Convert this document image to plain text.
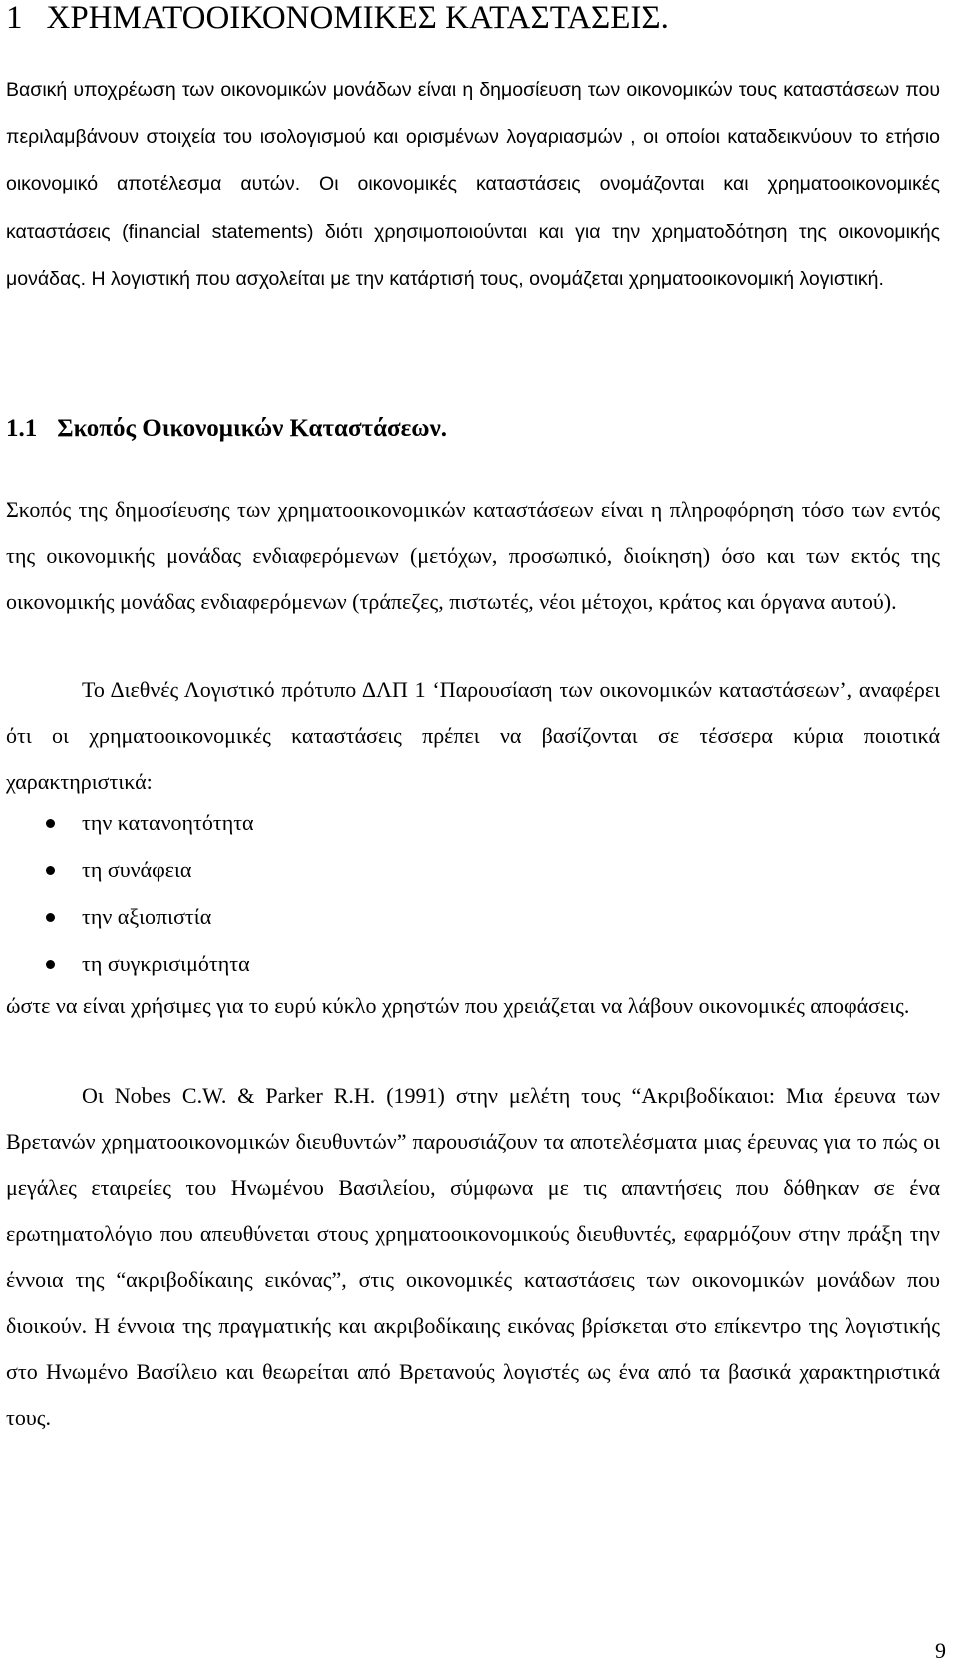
1 ΧΡΗΜΑΤΟΟΙΚΟΝΟΜΙΚΕΣ ΚΑΤΑΣΤΑΣΕΙΣ.

Βασική υποχρέωση των οικονομικών μονάδων είναι η δημοσίευση των οικονομικών τους καταστάσεων που περιλαμβάνουν στοιχεία του ισολογισμού και ορισμένων λογαριασμών , οι οποίοι καταδεικνύουν το ετήσιο οικονομικό αποτέλεσμα αυτών. Οι οικονομικές καταστάσεις ονομάζονται και χρηματοοικονομικές καταστάσεις (financial statements) διότι χρησιμοποιούνται και για την χρηματοδότηση της οικονομικής μονάδας. Η λογιστική που ασχολείται με την κατάρτισή τους, ονομάζεται χρηματοοικονομική λογιστική.

1.1 Σκοπός Οικονομικών Καταστάσεων.

Σκοπός της δημοσίευσης των χρηματοοικονομικών καταστάσεων είναι η πληροφόρηση τόσο των εντός της οικονομικής μονάδας ενδιαφερόμενων (μετόχων, προσωπικό, διοίκηση) όσο και των εκτός της οικονομικής μονάδας ενδιαφερόμενων (τράπεζες, πιστωτές, νέοι μέτοχοι, κράτος και όργανα αυτού).

Το Διεθνές Λογιστικό πρότυπο ΔΛΠ 1 ‘Παρουσίαση των οικονομικών καταστάσεων’, αναφέρει ότι οι χρηματοοικονομικές καταστάσεις πρέπει να βασίζονται σε τέσσερα κύρια ποιοτικά χαρακτηριστικά:

την κατανοητότητα
τη συνάφεια
την αξιοπιστία
τη συγκρισιμότητα

ώστε να είναι χρήσιμες για το ευρύ κύκλο χρηστών που χρειάζεται να λάβουν οικονομικές αποφάσεις.

Οι Nobes C.W. & Parker R.H. (1991) στην μελέτη τους “Ακριβοδίκαιοι: Μια έρευνα των Βρετανών χρηματοοικονομικών διευθυντών” παρουσιάζουν τα αποτελέσματα μιας έρευνας για το πώς οι μεγάλες εταιρείες του Ηνωμένου Βασιλείου, σύμφωνα με τις απαντήσεις που δόθηκαν σε ένα ερωτηματολόγιο που απευθύνεται στους χρηματοοικονομικούς διευθυντές, εφαρμόζουν στην πράξη την έννοια της “ακριβοδίκαιης εικόνας”, στις οικονομικές καταστάσεις των οικονομικών μονάδων που διοικούν. Η έννοια της πραγματικής και ακριβοδίκαιης εικόνας βρίσκεται στο επίκεντρο της λογιστικής στο Ηνωμένο Βασίλειο και θεωρείται από Βρετανούς λογιστές ως ένα από τα βασικά χαρακτηριστικά τους.

9
